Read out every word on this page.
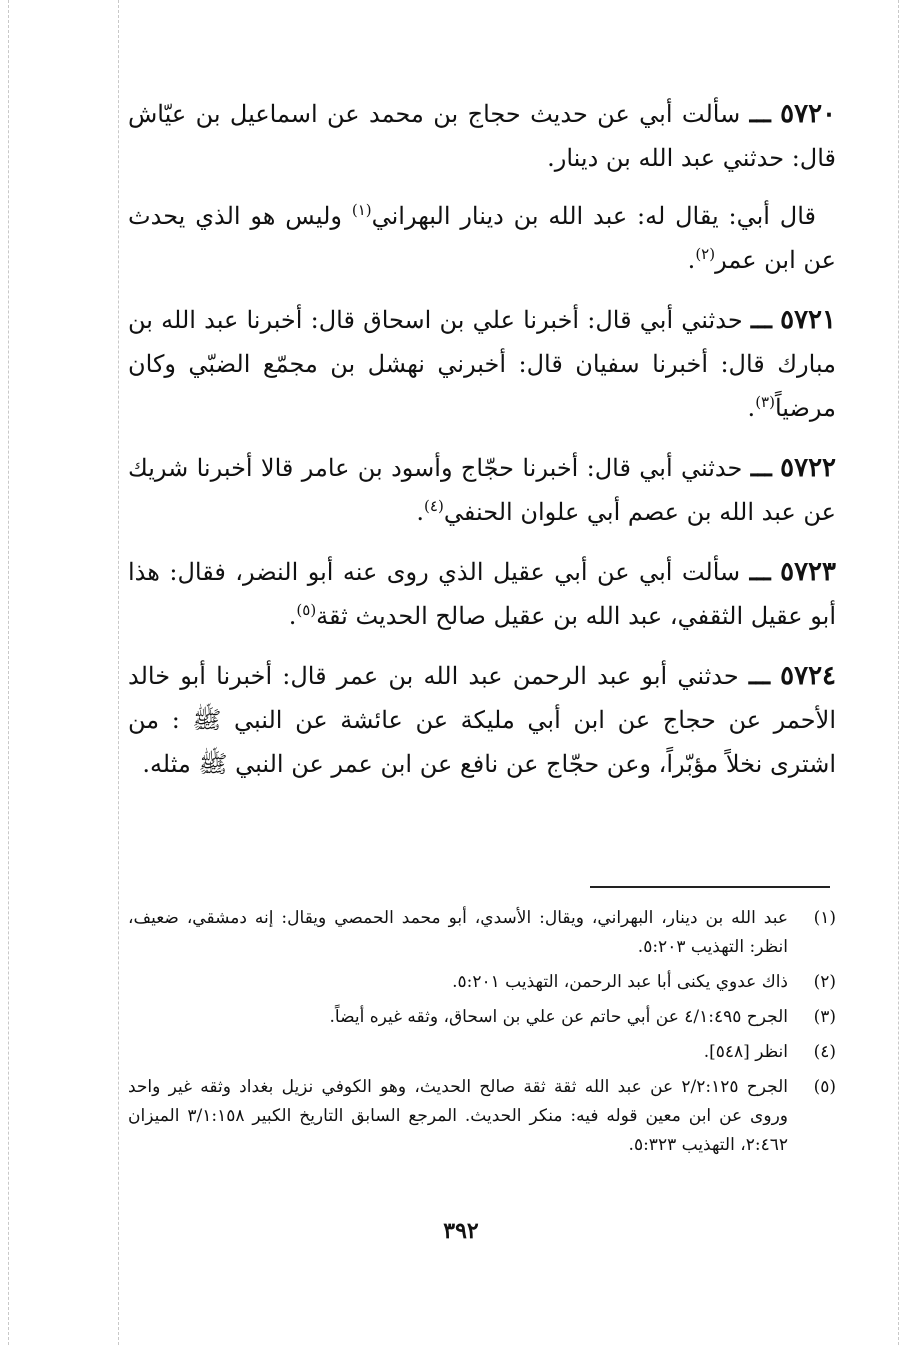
٥٧٢٠ ـــ سألت أبي عن حديث حجاج بن محمد عن اسماعيل بن عيّاش قال: حدثني عبد الله بن دينار.

قال أبي: يقال له: عبد الله بن دينار البهراني$^{(١)}$ وليس هو الذي يحدث عن ابن عمر$^{(٢)}$.

٥٧٢١ ـــ حدثني أبي قال: أخبرنا علي بن اسحاق قال: أخبرنا عبد الله بن مبارك قال: أخبرنا سفيان قال: أخبرني نهشل بن مجمّع الضبّي وكان مرضياً$^{(٣)}$.

٥٧٢٢ ـــ حدثني أبي قال: أخبرنا حجّاج وأسود بن عامر قالا أخبرنا شريك عن عبد الله بن عصم أبي علوان الحنفي$^{(٤)}$.

٥٧٢٣ ـــ سألت أبي عن أبي عقيل الذي روى عنه أبو النضر، فقال: هذا أبو عقيل الثقفي، عبد الله بن عقيل صالح الحديث ثقة$^{(٥)}$.

٥٧٢٤ ـــ حدثني أبو عبد الرحمن عبد الله بن عمر قال: أخبرنا أبو خالد الأحمر عن حجاج عن ابن أبي مليكة عن عائشة عن النبي ﷺ : من اشترى نخلاً مؤبّراً، وعن حجّاج عن نافع عن ابن عمر عن النبي ﷺ مثله.

(١)
عبد الله بن دينار، البهراني، ويقال: الأسدي، أبو محمد الحمصي ويقال: إنه دمشقي، ضعيف، انظر: التهذيب ٥:٢٠٣.
(٢)
ذاك عدوي يكنى أبا عبد الرحمن، التهذيب ٥:٢٠١.
(٣)
الجرح ٤/١:٤٩٥ عن أبي حاتم عن علي بن اسحاق، وثقه غيره أيضاً.
(٤)
انظر [٥٤٨].
(٥)
الجرح ٢/٢:١٢٥ عن عبد الله ثقة ثقة صالح الحديث، وهو الكوفي نزيل بغداد وثقه غير واحد وروى عن ابن معين قوله فيه: منكر الحديث. المرجع السابق التاريخ الكبير ٣/١:١٥٨ الميزان ٢:٤٦٢، التهذيب ٥:٣٢٣.
٣٩٢
